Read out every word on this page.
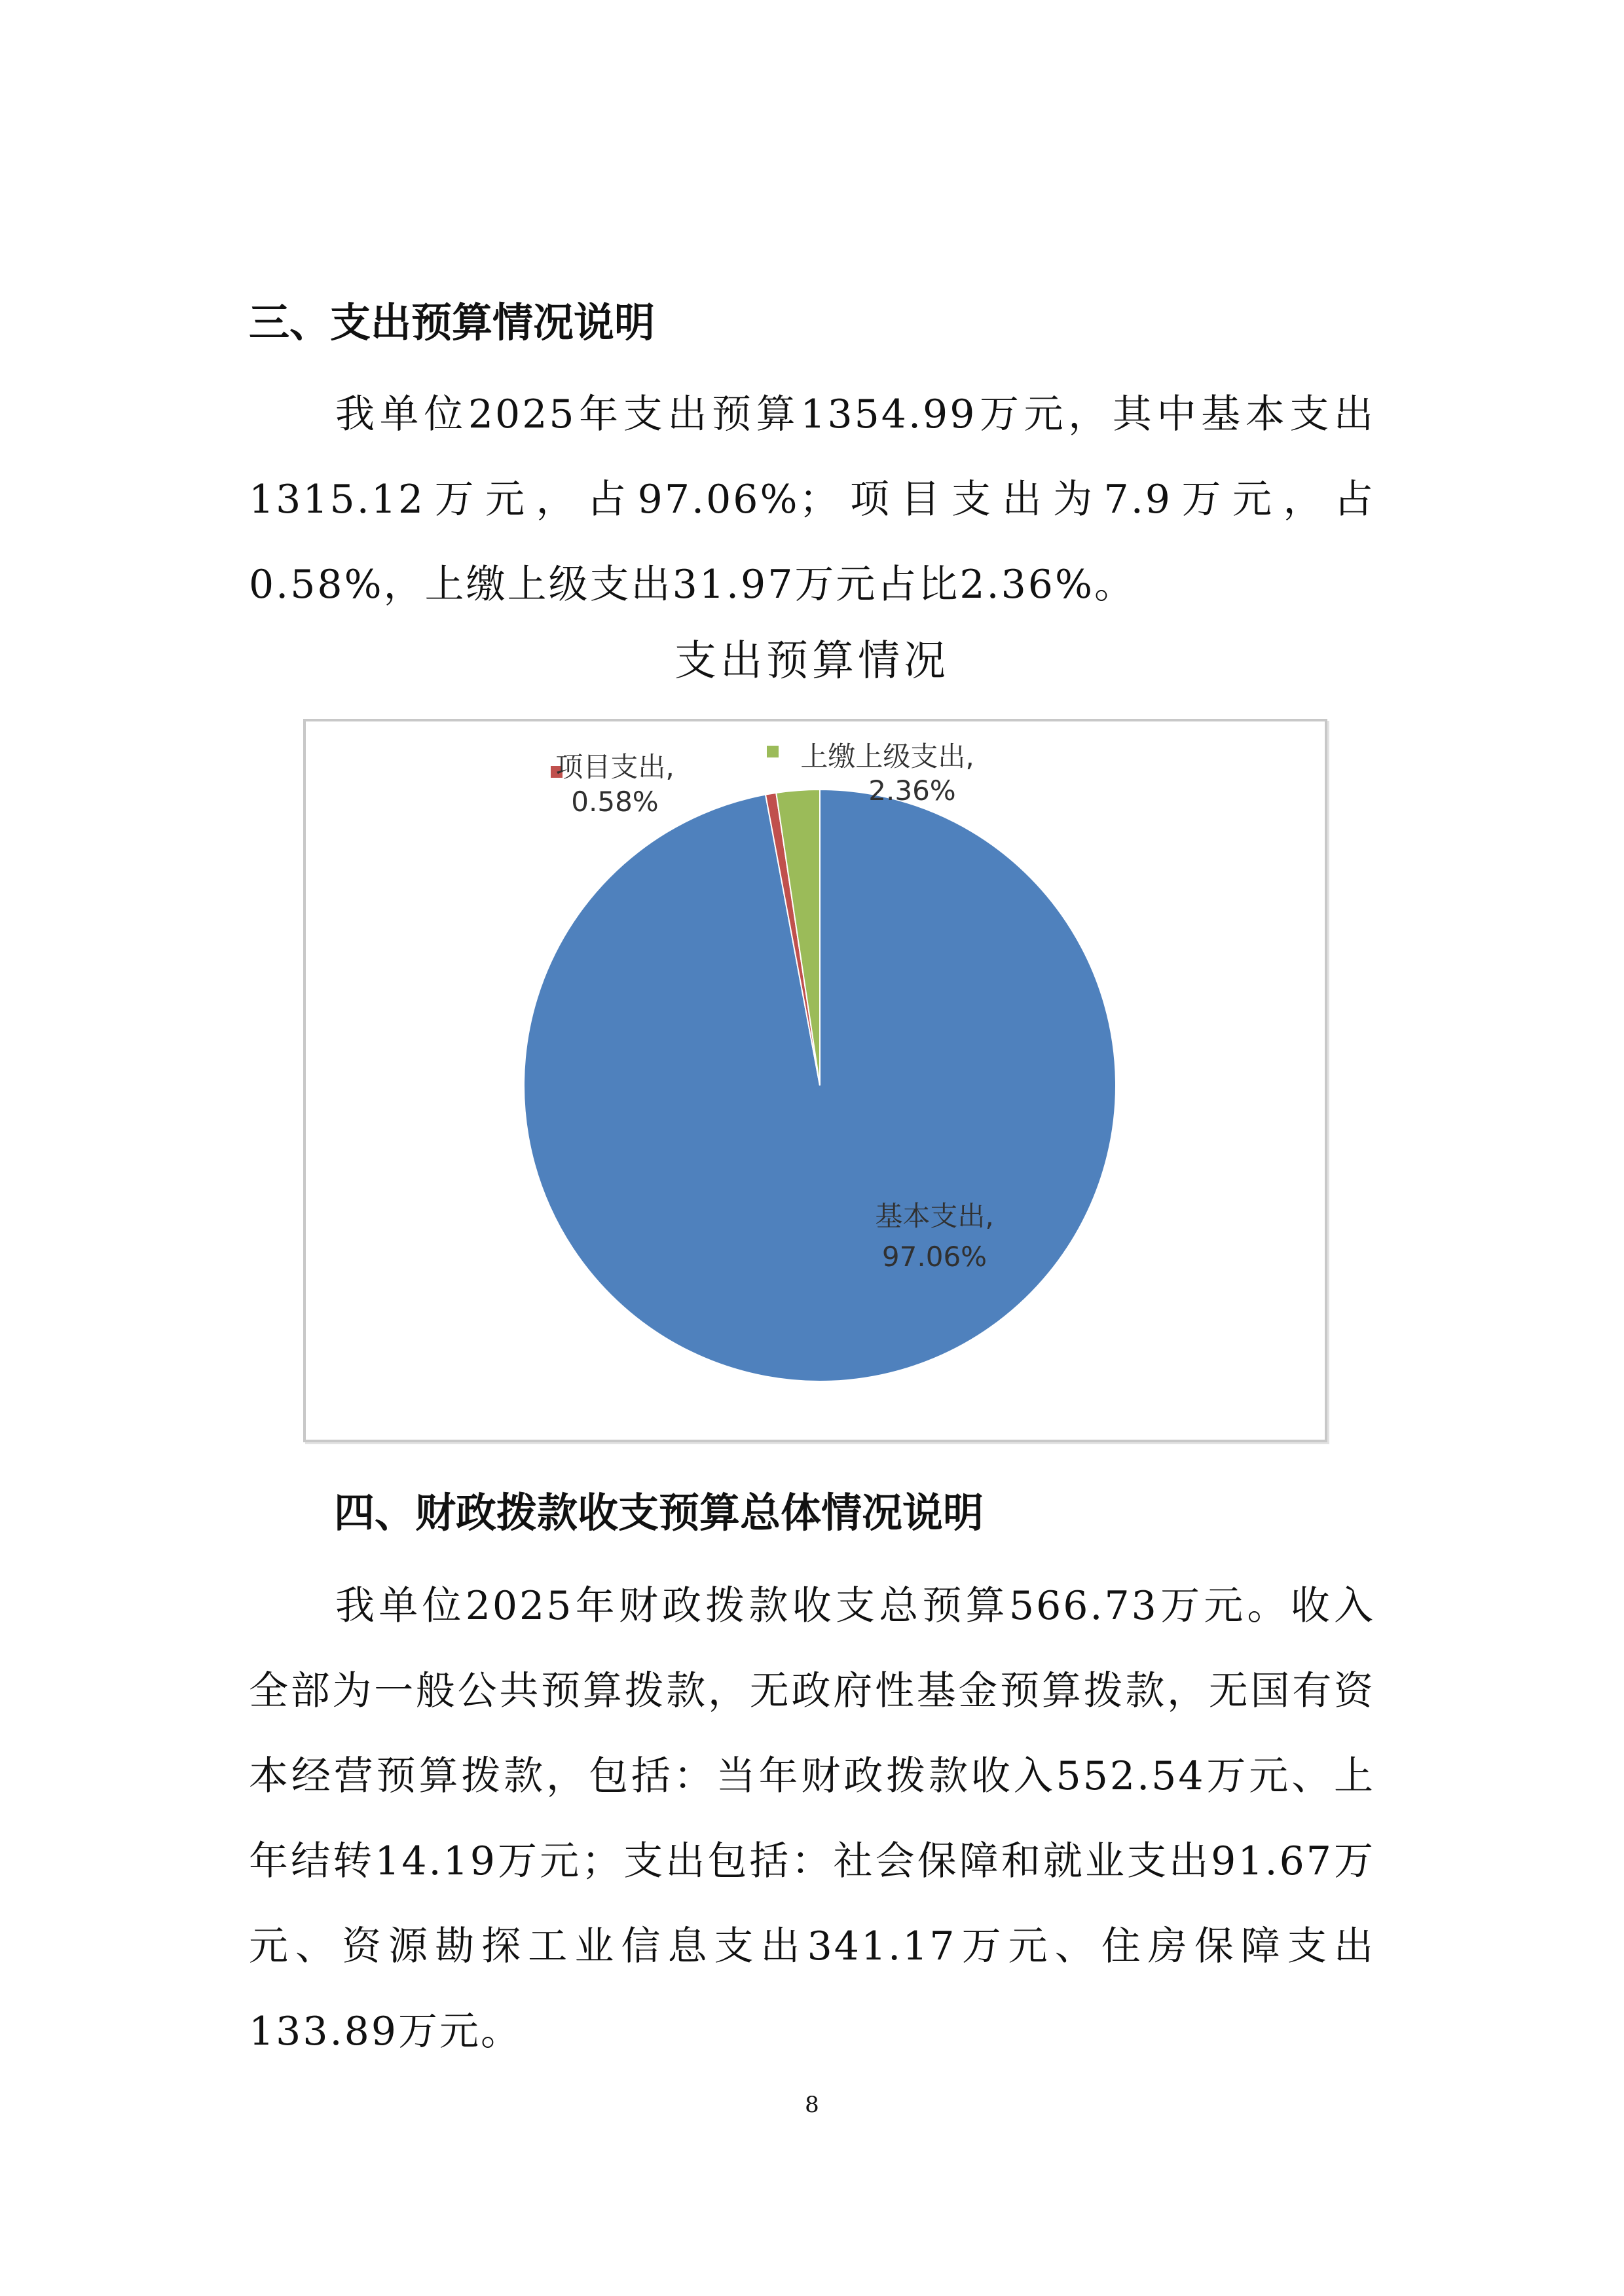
三、支出预算情况说明

我单位2025年支出预算1354.99万元，其中基本支出1315.12万元，占97.06%；项目支出为7.9万元，占0.58%，上缴上级支出31.97万元占比2.36%。

支出预算情况

项目支出,
0.58%
上缴上级支出,
2.36%
基本支出,
97.06%
四、财政拨款收支预算总体情况说明

我单位2025年财政拨款收支总预算566.73万元。收入全部为一般公共预算拨款，无政府性基金预算拨款，无国有资本经营预算拨款，包括：当年财政拨款收入552.54万元、上年结转14.19万元；支出包括：社会保障和就业支出91.67万元、资源勘探工业信息支出341.17万元、住房保障支出133.89万元。

8
